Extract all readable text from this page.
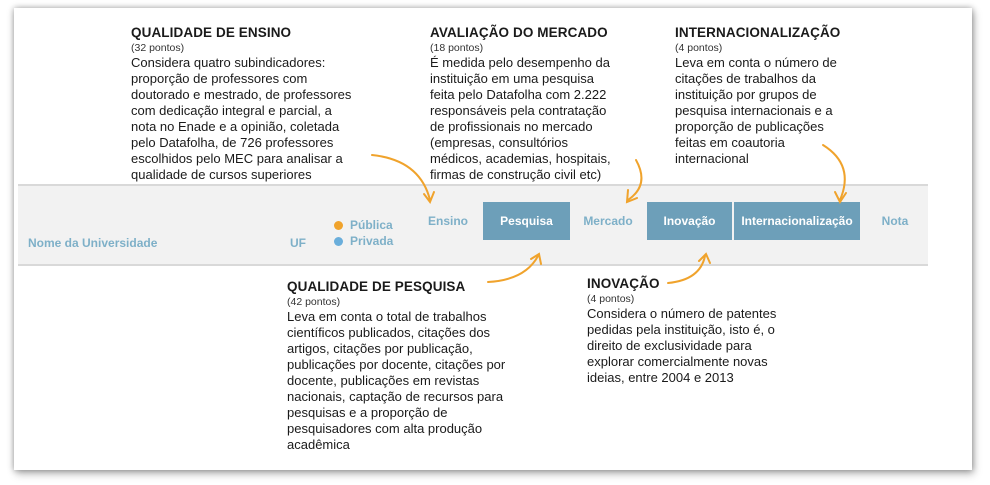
QUALIDADE DE ENSINO
(32 pontos)
Considera quatro subindicadores:
proporção de professores com
doutorado e mestrado, de professores
com dedicação integral e parcial, a
nota no Enade e a opinião, coletada
pelo Datafolha, de 726 professores
escolhidos pelo MEC para analisar a
qualidade de cursos superiores
AVALIAÇÃO DO MERCADO
(18 pontos)
É medida pelo desempenho da
instituição em uma pesquisa
feita pelo Datafolha com 2.222
responsáveis pela contratação
de profissionais no mercado
(empresas, consultórios
médicos, academias, hospitais,
firmas de construção civil etc)
INTERNACIONALIZAÇÃO
(4 pontos)
Leva em conta o número de
citações de trabalhos da
instituição por grupos de
pesquisa internacionais e a
proporção de publicações
feitas em coautoria
internacional
Nome da Universidade	UF
Pública
Privada
Ensino	Pesquisa	Mercado	Inovação	Internacionalização	Nota
QUALIDADE DE PESQUISA
(42 pontos)
Leva em conta o total de trabalhos
científicos publicados, citações dos
artigos, citações por publicação,
publicações por docente, citações por
docente, publicações em revistas
nacionais, captação de recursos para
pesquisas e a proporção de
pesquisadores com alta produção
acadêmica
INOVAÇÃO
(4 pontos)
Considera o número de patentes
pedidas pela instituição, isto é, o
direito de exclusividade para
explorar comercialmente novas
ideias, entre 2004 e 2013
